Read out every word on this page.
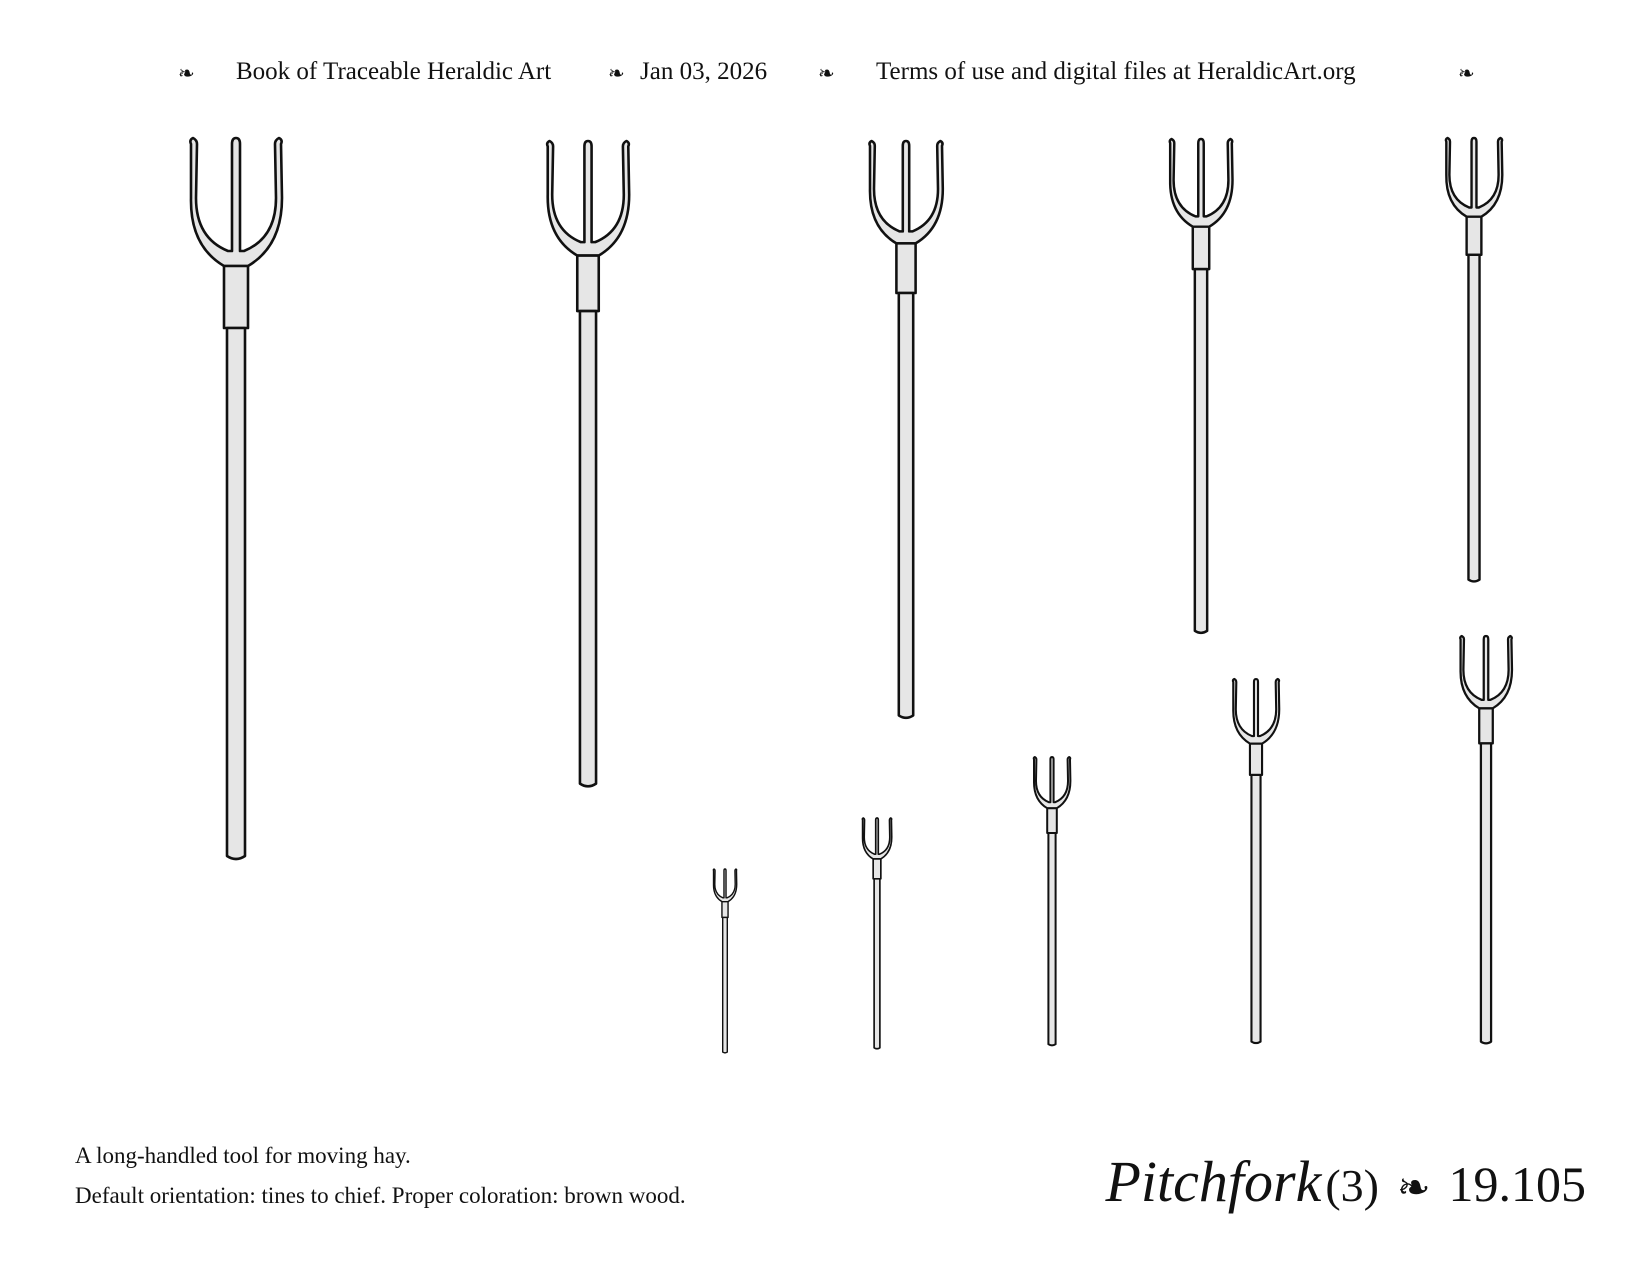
❧ Book of Traceable Heraldic Art	❧ Jan 03, 2026	❧ Terms of use and digital files at HeraldicArt.org	❧
A long-handled tool for moving hay.
Default orientation: tines to chief. Proper coloration: brown wood.	Pitchfork (3) ❧ 19.105
